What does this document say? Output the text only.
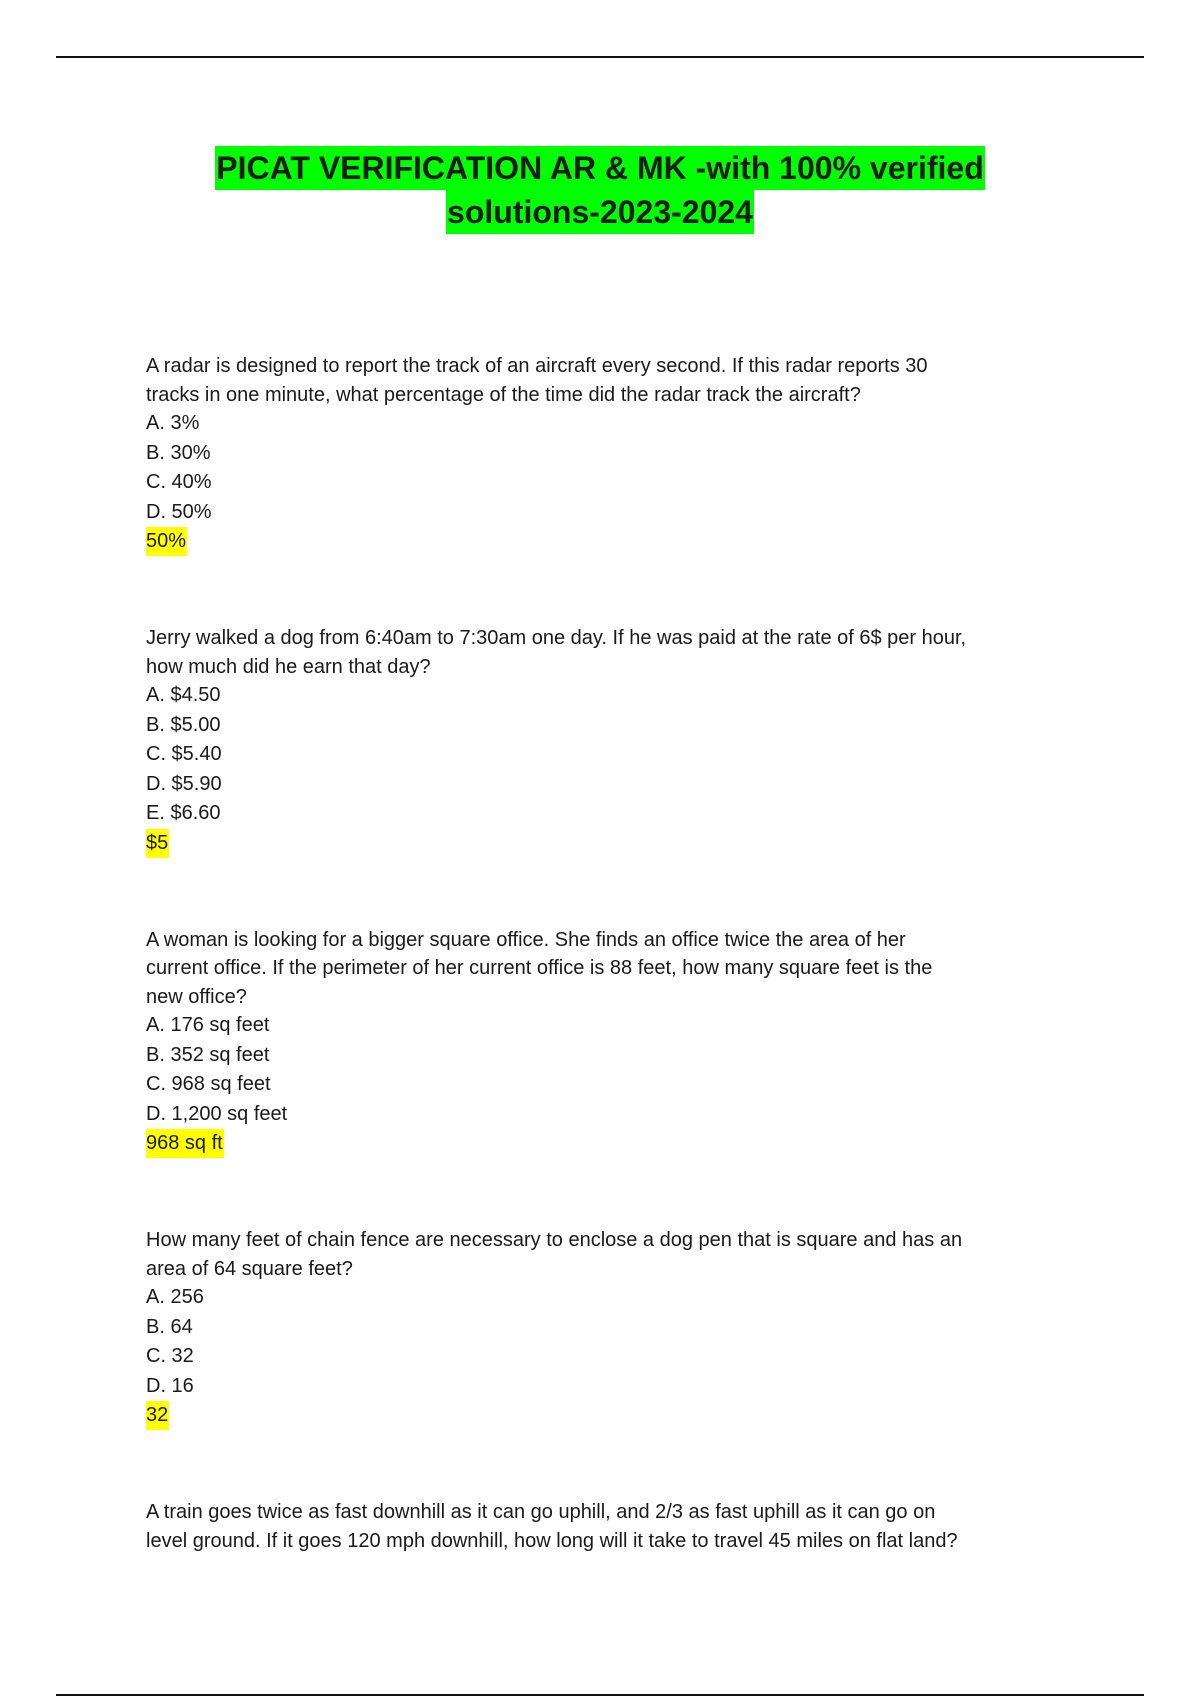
PICAT VERIFICATION AR & MK -with 100% verified
solutions-2023-2024

A radar is designed to report the track of an aircraft every second. If this radar reports 30
tracks in one minute, what percentage of the time did the radar track the aircraft?

A. 3%

B. 30%

C. 40%

D. 50%

50%

Jerry walked a dog from 6:40am to 7:30am one day. If he was paid at the rate of 6$ per hour,
how much did he earn that day?

A. $4.50

B. $5.00

C. $5.40

D. $5.90

E. $6.60

$5

A woman is looking for a bigger square office. She finds an office twice the area of her
current office. If the perimeter of her current office is 88 feet, how many square feet is the
new office?

A. 176 sq feet

B. 352 sq feet

C. 968 sq feet

D. 1,200 sq feet

968 sq ft

How many feet of chain fence are necessary to enclose a dog pen that is square and has an
area of 64 square feet?

A. 256

B. 64

C. 32

D. 16

32

A train goes twice as fast downhill as it can go uphill, and 2/3 as fast uphill as it can go on
level ground. If it goes 120 mph downhill, how long will it take to travel 45 miles on flat land?
